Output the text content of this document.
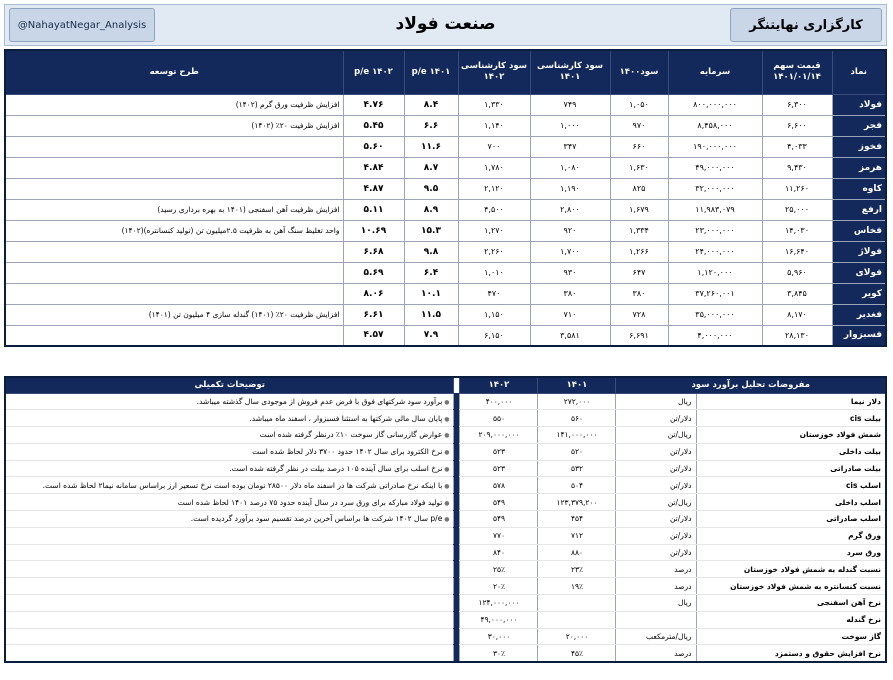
@NahayatNegar_Analysis	صنعت فولاد	کارگزاری نهایتنگر
نماد	قیمت سهم ۱۴۰۱/۰۱/۱۴	سرمایه	سود۱۴۰۰	سود کارشناسی ۱۴۰۱	سود کارشناسی ۱۴۰۲	p/e ۱۴۰۱	p/e ۱۴۰۲	طرح توسعه
فولاد	۶,۳۰۰	۸۰۰,۰۰۰,۰۰۰	۱,۰۵۰	۷۴۹	۱,۳۳۰	۸.۴	۴.۷۶	افزایش ظرفیت ورق گرم (۱۴۰۲)
فجر	۶,۶۰۰	۸,۴۵۸,۰۰۰	۹۷۰	۱,۰۰۰	۱,۱۴۰	۶.۶	۵.۴۵	افزایش ظرفیت ۲۰٪ (۱۴۰۲)
فخوز	۴,۰۳۳	۱۹۰,۰۰۰,۰۰۰	۶۶۰	۳۴۷	۷۰۰	۱۱.۶	۵.۶۰	
هرمز	۹,۴۳۰	۴۹,۰۰۰,۰۰۰	۱,۶۳۰	۱,۰۸۰	۱,۷۸۰	۸.۷	۴.۸۴	
کاوه	۱۱,۲۶۰	۳۲,۰۰۰,۰۰۰	۸۲۵	۱,۱۹۰	۲,۱۲۰	۹.۵	۴.۸۷	
ارفع	۲۵,۰۰۰	۱۱,۹۸۳,۰۷۹	۱,۶۷۹	۲,۸۰۰	۴,۵۰۰	۸.۹	۵.۱۱	افزایش ظرفیت آهن اسفنجی (۱۴۰۱ به بهره برداری رسید)
فخاس	۱۴,۰۳۰	۲۳,۰۰۰,۰۰۰	۱,۳۳۴	۹۲۰	۱,۲۷۰	۱۵.۳	۱۰.۶۹	واحد تغلیظ سنگ آهن به ظرفیت ۲.۵میلیون تن (تولید کنسانتره)(۱۴۰۲)
فولاژ	۱۶,۶۴۰	۲۴,۰۰۰,۰۰۰	۱,۲۶۶	۱,۷۰۰	۲,۲۶۰	۹.۸	۶.۶۸	
فولای	۵,۹۶۰	۱,۱۲۰,۰۰۰	۶۴۷	۹۳۰	۱,۰۱۰	۶.۴	۵.۶۹	
کویر	۳,۸۴۵	۳۷,۲۶۰,۰۰۱	۳۸۰	۳۸۰	۴۷۰	۱۰.۱	۸.۰۶	
فغدیر	۸,۱۷۰	۳۵,۰۰۰,۰۰۰	۷۲۸	۷۱۰	۱,۱۵۰	۱۱.۵	۶.۶۱	افزایش ظرفیت ۲۰٪ (۱۴۰۱) گندله سازی ۴ میلیون تن (۱۴۰۱)
فسبزوار	۲۸,۱۳۰	۴,۰۰۰,۰۰۰	۶,۶۹۱	۳,۵۸۱	۶,۱۵۰	۷.۹	۴.۵۷	
مفروضات تحلیل برآورد سود		۱۴۰۱	۱۴۰۲		توضیحات تکمیلی
دلار نیما	ریال	۲۷۲,۰۰۰	۴۰۰,۰۰۰		● برآورد سود شرکتهای فوق با فرض عدم فروش از موجودی سال گذشته میباشد.
بیلت cis	دلار/تن	۵۶۰	۵۵۰		● پایان سال مالی شرکتها به استثنا فسبزوار ، اسفند ماه میباشد.
شمش فولاد خوزستان	ریال/تن	۱۴۱,۰۰۰,۰۰۰	۲۰۹,۰۰۰,۰۰۰		● عوارض گازرسانی گاز سوخت ۱۰٪ درنظر گرفته شده است
بیلت داخلی	دلار/تن	۵۲۰	۵۲۳		● نرخ الکترود برای سال ۱۴۰۲ حدود ۳۷۰۰ دلار لحاظ شده است
بیلت صادراتی	دلار/تن	۵۳۲	۵۲۳		● نرخ اسلب برای سال آینده ۱۰۵ درصد بیلت در نظر گرفته شده است.
اسلب cis	دلار/تن	۵۰۴	۵۷۸		● با اینکه نرخ صادراتی شرکت ها در اسفند ماه دلار ۲۸۵۰۰ تومان بوده است نرخ تسعیر ارز براساس سامانه نیما۲ لحاظ شده است.
اسلب داخلی	ریال/تن	۱۲۳,۳۷۹,۲۰۰	۵۴۹		● تولید فولاد مبارکه برای ورق سرد در سال آینده حدود ۷۵ درصد ۱۴۰۱ لحاظ شده است
اسلب صادراتی	دلار/تن	۴۵۴	۵۴۹		● p/e سال ۱۴۰۲ شرکت ها براساس آخرین درصد تقسیم سود برآورد گردیده است.
ورق گرم	دلار/تن	۷۱۲	۷۷۰		
ورق سرد	دلار/تن	۸۸۰	۸۴۰		
نسبت گندله به شمش فولاد خوزستان	درصد	۲۳٪	۲۵٪		
نسبت کنسانتره به شمش فولاد خوزستان	درصد	۱۹٪	۲۰٪		
نرخ آهن اسفنجی	ریال		۱۲۴,۰۰۰,۰۰۰		
نرخ گندله			۴۹,۰۰۰,۰۰۰		
گاز سوخت	ریال/مترمکعب	۲۰,۰۰۰	۳۰,۰۰۰		
نرخ افزایش حقوق و دستمزد	درصد	۴۵٪	۳۰٪		
